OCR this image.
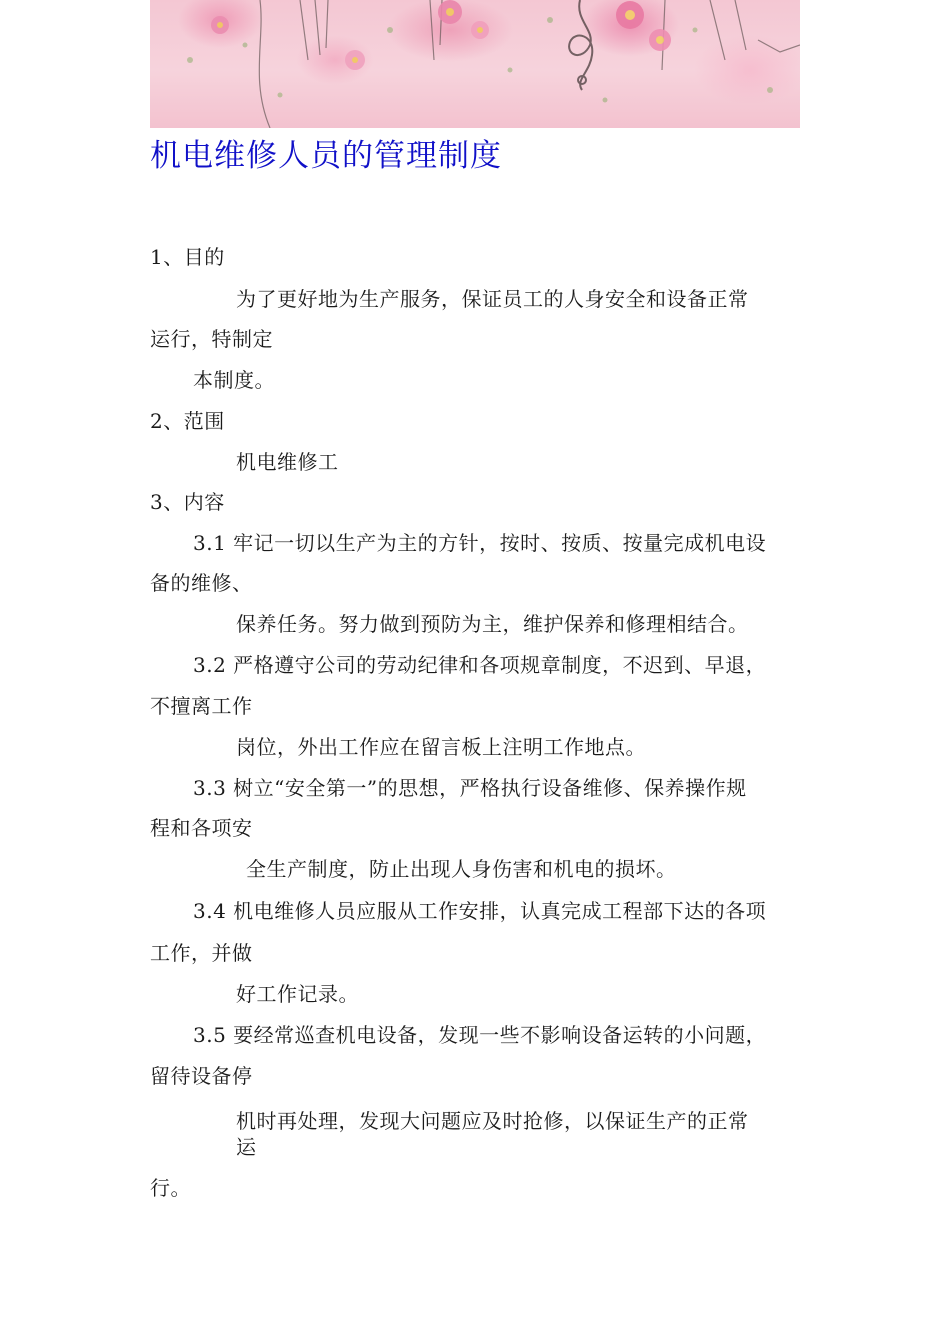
机电维修人员的管理制度
1、目的
为了更好地为生产服务，保证员工的人身安全和设备正常
运行，特制定
本制度。
2、范围
机电维修工
3、内容
3.1 牢记一切以生产为主的方针，按时、按质、按量完成机电设
备的维修、
保养任务。努力做到预防为主，维护保养和修理相结合。
3.2 严格遵守公司的劳动纪律和各项规章制度，不迟到、早退，
不擅离工作
岗位，外出工作应在留言板上注明工作地点。
3.3 树立“安全第一”的思想，严格执行设备维修、保养操作规
程和各项安
全生产制度，防止出现人身伤害和机电的损坏。
3.4 机电维修人员应服从工作安排，认真完成工程部下达的各项
工作，并做
好工作记录。
3.5 要经常巡查机电设备，发现一些不影响设备运转的小问题，
留待设备停
机时再处理，发现大问题应及时抢修，以保证生产的正常
运
行。
